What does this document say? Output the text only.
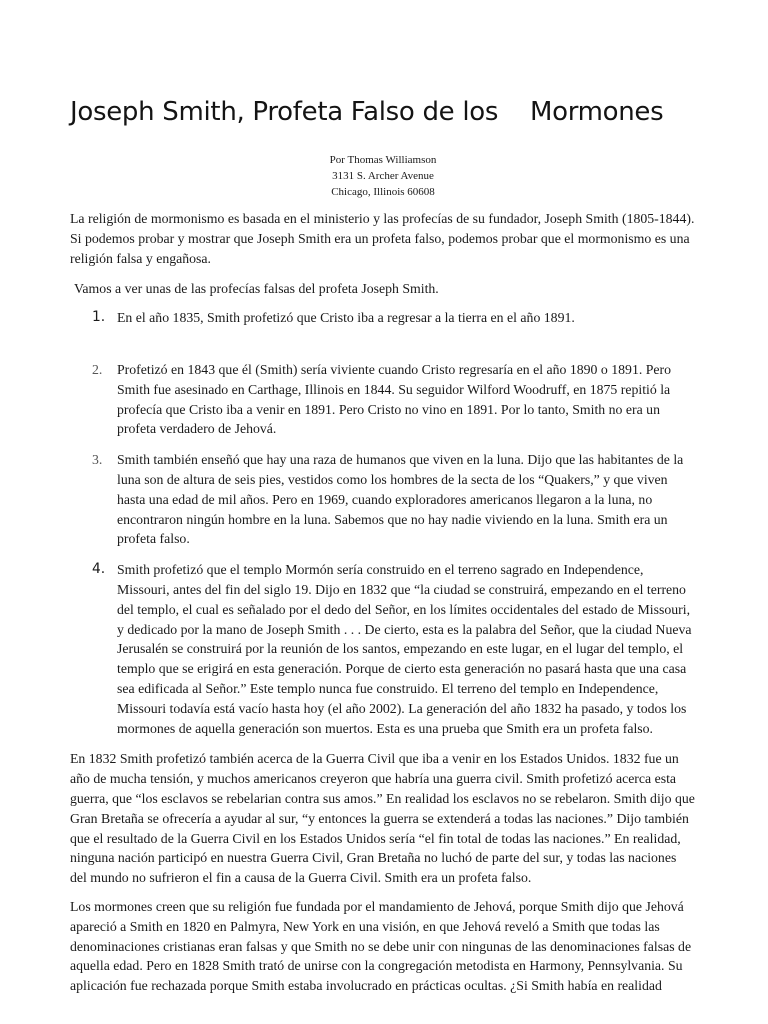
Joseph Smith, Profeta Falso de los    Mormones
Por Thomas Williamson
3131 S. Archer Avenue
Chicago, Illinois 60608

La religión de mormonismo es basada en el ministerio y las profecías de su fundador, Joseph Smith (1805-1844). Si podemos probar y mostrar que Joseph Smith era un profeta falso, podemos probar que el mormonismo es una religión falsa y engañosa.

Vamos a ver unas de las profecías falsas del profeta Joseph Smith.

1. En el año 1835, Smith profetizó que Cristo iba a regresar a la tierra en el año 1891.

2. Profetizó en 1843 que él (Smith) sería viviente cuando Cristo regresaría en el año 1890 o 1891. Pero Smith fue asesinado en Carthage, Illinois en 1844. Su seguidor Wilford Woodruff, en 1875 repitió la profecía que Cristo iba a venir en 1891. Pero Cristo no vino en 1891. Por lo tanto, Smith no era un profeta verdadero de Jehová.

3. Smith también enseñó que hay una raza de humanos que viven en la luna. Dijo que las habitantes de la luna son de altura de seis pies, vestidos como los hombres de la secta de los “Quakers,” y que viven hasta una edad de mil años. Pero en 1969, cuando exploradores americanos llegaron a la luna, no encontraron ningún hombre en la luna. Sabemos que no hay nadie viviendo en la luna. Smith era un profeta falso.

4. Smith profetizó que el templo Mormón sería construido en el terreno sagrado en Independence, Missouri, antes del fin del siglo 19. Dijo en 1832 que “la ciudad se construirá, empezando en el terreno del templo, el cual es señalado por el dedo del Señor, en los límites occidentales del estado de Missouri, y dedicado por la mano de Joseph Smith . . . De cierto, esta es la palabra del Señor, que la ciudad Nueva Jerusalén se construirá por la reunión de los santos, empezando en este lugar, en el lugar del templo, el templo que se erigirá en esta generación. Porque de cierto esta generación no pasará hasta que una casa sea edificada al Señor.” Este templo nunca fue construido. El terreno del templo en Independence, Missouri todavía está vacío hasta hoy (el año 2002). La generación del año 1832 ha pasado, y todos los mormones de aquella generación son muertos. Esta es una prueba que Smith era un profeta falso.

En 1832 Smith profetizó también acerca de la Guerra Civil que iba a venir en los Estados Unidos. 1832 fue un año de mucha tensión, y muchos americanos creyeron que habría una guerra civil. Smith profetizó acerca esta guerra, que “los esclavos se rebelarian contra sus amos.” En realidad los esclavos no se rebelaron. Smith dijo que Gran Bretaña se ofrecería a ayudar al sur, “y entonces la guerra se extenderá a todas las naciones.” Dijo también que el resultado de la Guerra Civil en los Estados Unidos sería “el fin total de todas las naciones.” En realidad, ninguna nación participó en nuestra Guerra Civil, Gran Bretaña no luchó de parte del sur, y todas las naciones del mundo no sufrieron el fin a causa de la Guerra Civil. Smith era un profeta falso.

Los mormones creen que su religión fue fundada por el mandamiento de Jehová, porque Smith dijo que Jehová apareció a Smith en 1820 en Palmyra, New York en una visión, en que Jehová reveló a Smith que todas las denominaciones cristianas eran falsas y que Smith no se debe unir con ningunas de las denominaciones falsas de aquella edad. Pero en 1828 Smith trató de unirse con la congregación metodista en Harmony, Pennsylvania. Su aplicación fue rechazada porque Smith estaba involucrado en prácticas ocultas. ¿Si Smith había en realidad
